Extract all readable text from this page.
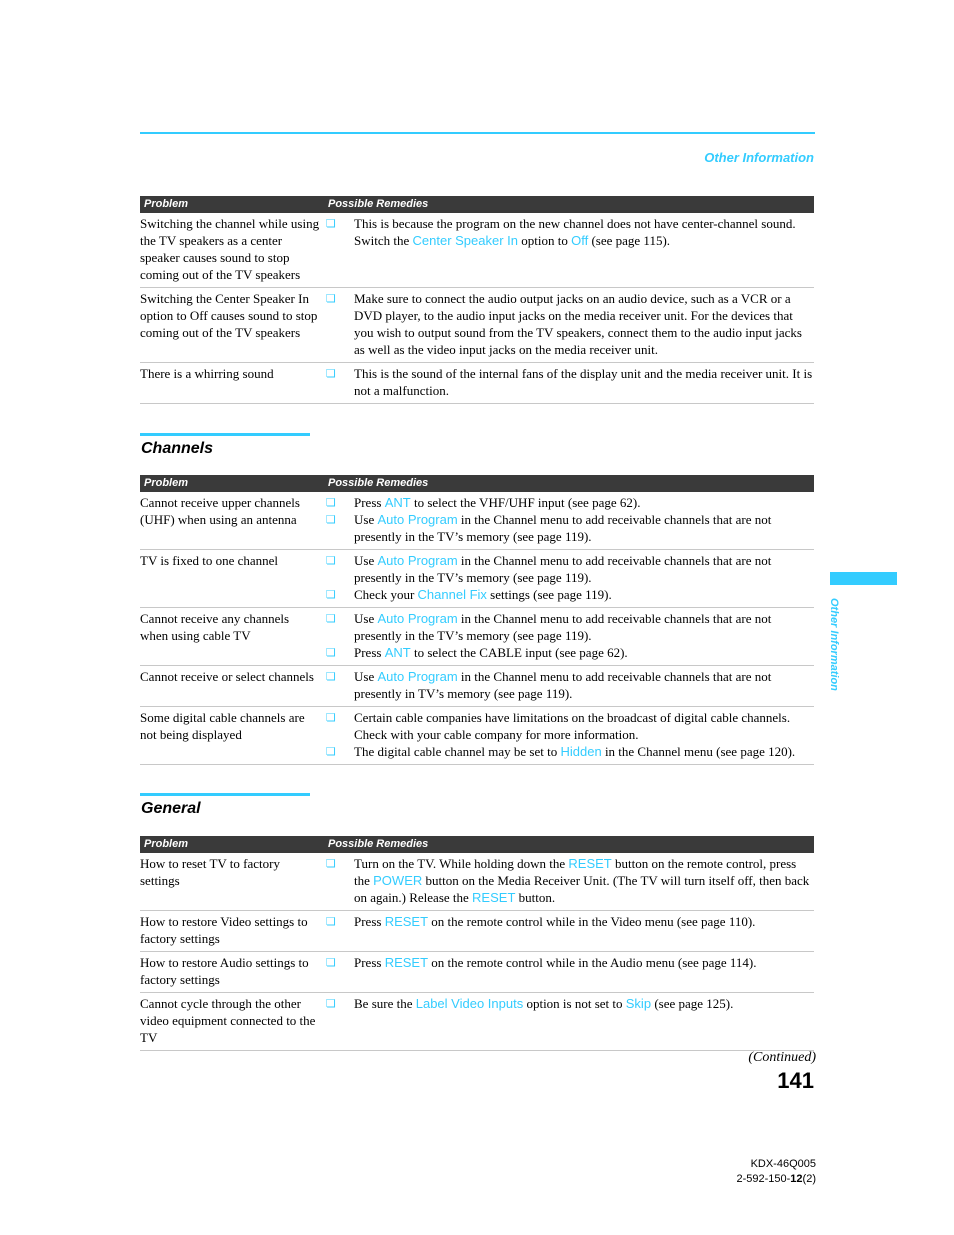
Other Information
Other Information
Problem	Possible Remedies
Switching the channel while using the TV speakers as a center speaker causes sound to stop coming out of the TV speakers	❏ This is because the program on the new channel does not have center-channel sound. Switch the Center Speaker In option to Off (see page 115).

Switching the Center Speaker In option to Off causes sound to stop coming out of the TV speakers	❏ Make sure to connect the audio output jacks on an audio device, such as a VCR or a DVD player, to the audio input jacks on the media receiver unit. For the devices that you wish to output sound from the TV speakers, connect them to the audio input jacks as well as the video input jacks on the media receiver unit.

There is a whirring sound	❏ This is the sound of the internal fans of the display unit and the media receiver unit. It is not a malfunction.
Channels
Problem	Possible Remedies
Cannot receive upper channels (UHF) when using an antenna	❏ Press ANT to select the VHF/UHF input (see page 62).
❏ Use Auto Program in the Channel menu to add receivable channels that are not presently in the TV’s memory (see page 119).

TV is fixed to one channel	❏ Use Auto Program in the Channel menu to add receivable channels that are not presently in the TV’s memory (see page 119).
❏ Check your Channel Fix settings (see page 119).

Cannot receive any channels when using cable TV	❏ Use Auto Program in the Channel menu to add receivable channels that are not presently in the TV’s memory (see page 119).
❏ Press ANT to select the CABLE input (see page 62).

Cannot receive or select channels	❏ Use Auto Program in the Channel menu to add receivable channels that are not presently in TV’s memory (see page 119).

Some digital cable channels are not being displayed	❏ Certain cable companies have limitations on the broadcast of digital cable channels. Check with your cable company for more information.
❏ The digital cable channel may be set to Hidden in the Channel menu (see page 120).
General
Problem	Possible Remedies
How to reset TV to factory settings	❏ Turn on the TV. While holding down the RESET button on the remote control, press the POWER button on the Media Receiver Unit. (The TV will turn itself off, then back on again.) Release the RESET button.

How to restore Video settings to factory settings	❏ Press RESET on the remote control while in the Video menu (see page 110).

How to restore Audio settings to factory settings	❏ Press RESET on the remote control while in the Audio menu (see page 114).

Cannot cycle through the other video equipment connected to the TV	❏ Be sure the Label Video Inputs option is not set to Skip (see page 125).
(Continued)
141
KDX-46Q005
2-592-150-12(2)
